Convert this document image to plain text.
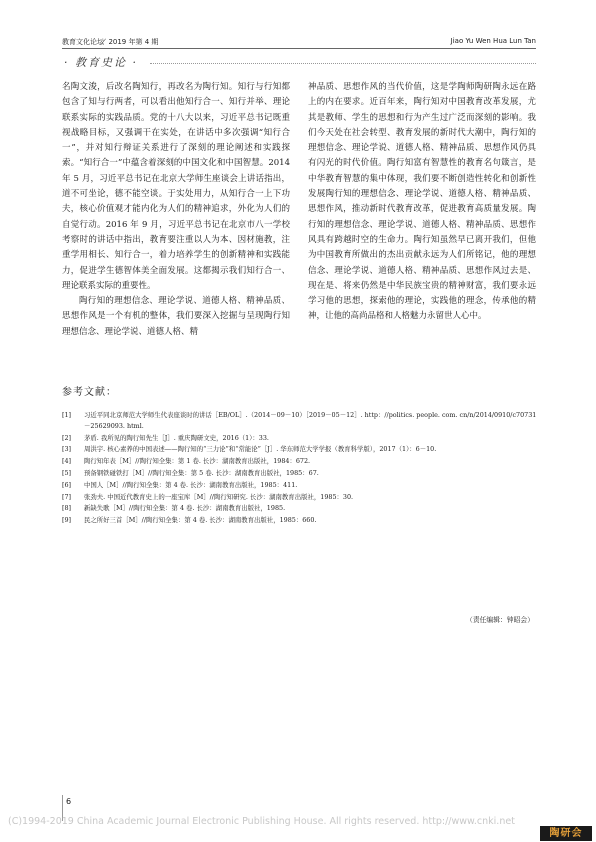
教育文化论坛 ̸ 2019 年第 4 期	Jiao Yu Wen Hua Lun Tan
· 教育史论 ·

名陶文浚，后改名陶知行，再改名为陶行知。知行与行知都包含了知与行两者，可以看出他知行合一、知行并举、理论联系实际的实践品质。党的十八大以来，习近平总书记既重视战略目标，又强调干在实处，在讲话中多次强调“知行合一”，并对知行辩证关系进行了深刻的理论阐述和实践探索。“知行合一”中蕴含着深刻的中国文化和中国智慧。2014 年 5 月，习近平总书记在北京大学师生座谈会上讲话指出，道不可坐论，德不能空谈。于实处用力，从知行合一上下功夫，核心价值观才能内化为人们的精神追求，外化为人们的自觉行动。2016 年 9 月，习近平总书记在北京市八一学校考察时的讲话中指出，教育要注重以人为本、因材施教，注重学用相长、知行合一，着力培养学生的创新精神和实践能力，促进学生德智体美全面发展。这都揭示我们知行合一、理论联系实际的重要性。

陶行知的理想信念、理论学说、道德人格、精神品质、思想作风是一个有机的整体，我们要深入挖掘与呈现陶行知理想信念、理论学说、道德人格、精

神品质、思想作风的当代价值，这是学陶师陶研陶永远在路上的内在要求。近百年来，陶行知对中国教育改革发展，尤其是教师、学生的思想和行为产生过广泛而深刻的影响。我们今天处在社会转型、教育发展的新时代大潮中，陶行知的理想信念、理论学说、道德人格、精神品质、思想作风仍具有闪光的时代价值。陶行知富有智慧性的教育名句箴言，是中华教育智慧的集中体现，我们要不断创造性转化和创新性发展陶行知的理想信念、理论学说、道德人格、精神品质、思想作风，推动新时代教育改革，促进教育高质量发展。陶行知的理想信念、理论学说、道德人格、精神品质、思想作风具有跨越时空的生命力。陶行知虽然早已离开我们，但他为中国教育所做出的杰出贡献永远为人们所铭记，他的理想信念、理论学说、道德人格、精神品质、思想作风过去是、现在是、将来仍然是中华民族宝贵的精神财富，我们要永远学习他的思想，探索他的理论，实践他的理念，传承他的精神，让他的高尚品格和人格魅力永留世人心中。

参考文献：
[1] 习近平同北京师范大学师生代表座谈时的讲话［EB/OL］.（2014－09－10）［2019－05－12］. http：//politics. people. com. cn/n/2014/0910/c70731－25629093. html.
[2] 茅盾. 我所见的陶行知先生［J］. 重庆陶研文史，2016（1）：33.
[3] 周洪宇. 核心素养的中国表述——陶行知的“三力论”和“常能论”［J］. 华东师范大学学报（教育科学版），2017（1）：6－10.
[4] 陶行知年表［M］//陶行知全集：第 1 卷. 长沙：湖南教育出版社，1984：672.
[5] 预备钢铁碰铁打［M］//陶行知全集：第 5 卷. 长沙：湖南教育出版社，1985：67.
[6] 中国人［M］//陶行知全集：第 4 卷. 长沙：湖南教育出版社，1985：411.
[7] 张劲夫. 中国近代教育史上的一座宝库［M］//陶行知研究. 长沙：湖南教育出版社，1985：30.
[8] 新缺失歌［M］//陶行知全集：第 4 卷. 长沙：湖南教育出版社，1985.
[9] 民之所好三首［M］//陶行知全集：第 4 卷. 长沙：湖南教育出版社，1985：660.
（责任编辑：钟昭会）
6
(C)1994-2019 China Academic Journal Electronic Publishing House. All rights reserved. http://www.cnki.net
陶研会
